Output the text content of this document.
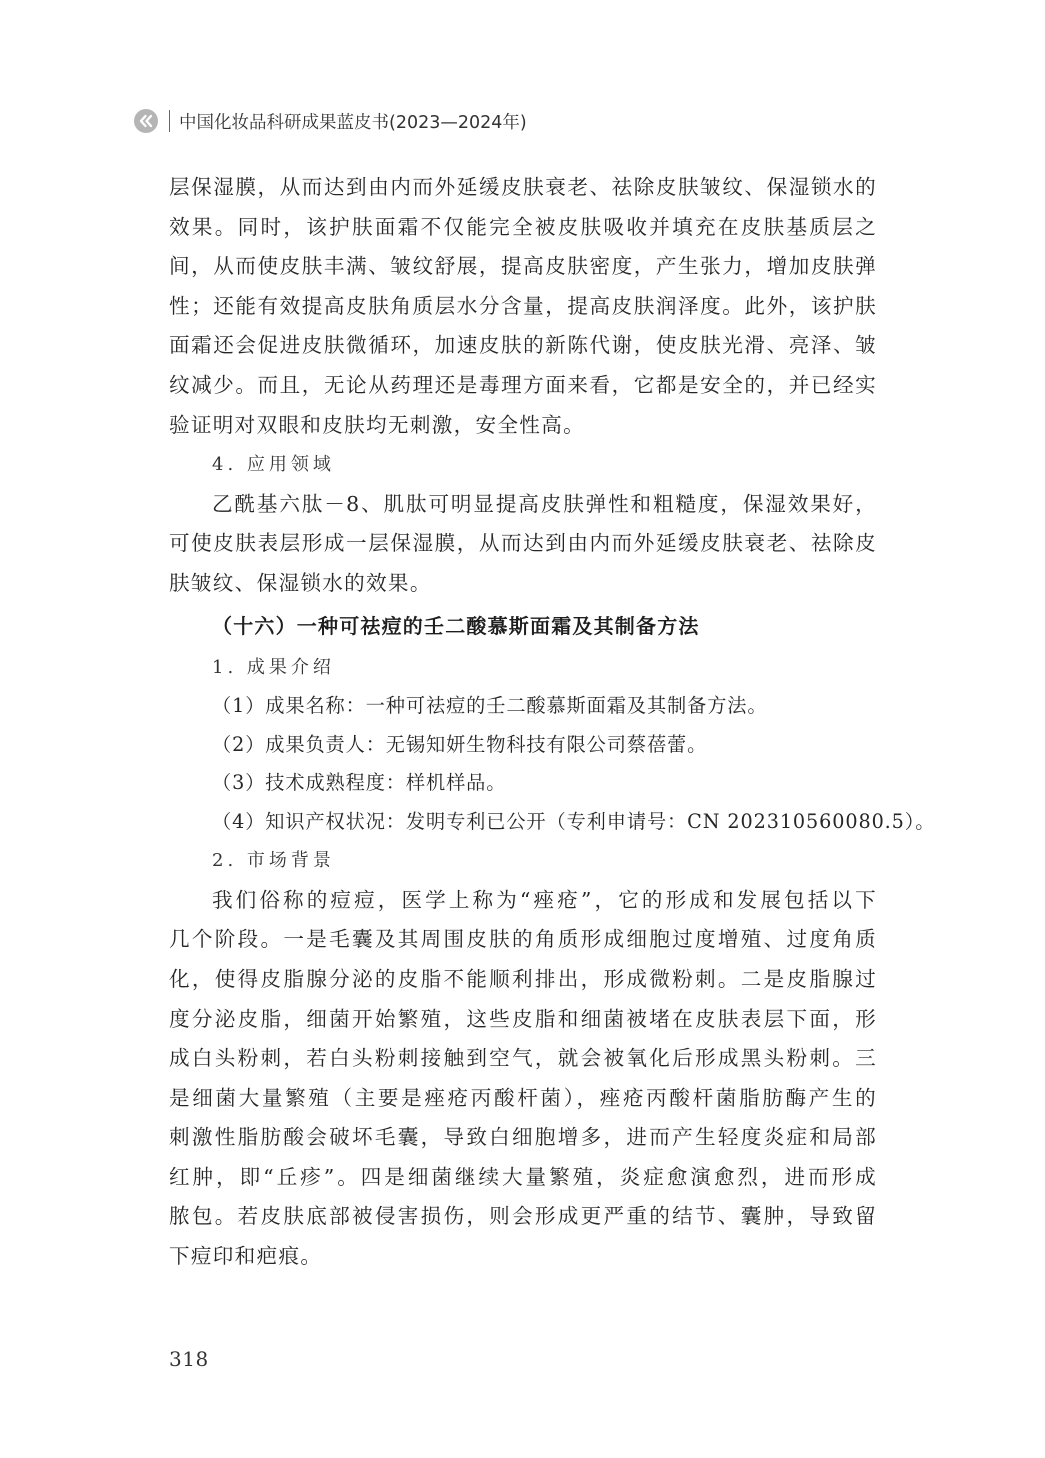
中国化妆品科研成果蓝皮书(2023—2024年)
层保湿膜，从而达到由内而外延缓皮肤衰老、祛除皮肤皱纹、保湿锁水的
效果。同时，该护肤面霜不仅能完全被皮肤吸收并填充在皮肤基质层之
间，从而使皮肤丰满、皱纹舒展，提高皮肤密度，产生张力，增加皮肤弹
性；还能有效提高皮肤角质层水分含量，提高皮肤润泽度。此外，该护肤
面霜还会促进皮肤微循环，加速皮肤的新陈代谢，使皮肤光滑、亮泽、皱
纹减少。而且，无论从药理还是毒理方面来看，它都是安全的，并已经实
验证明对双眼和皮肤均无刺激，安全性高。

4. 应用领域

乙酰基六肽－8、肌肽可明显提高皮肤弹性和粗糙度，保湿效果好，
可使皮肤表层形成一层保湿膜，从而达到由内而外延缓皮肤衰老、祛除皮
肤皱纹、保湿锁水的效果。

（十六）一种可祛痘的壬二酸慕斯面霜及其制备方法

1. 成果介绍

（1）成果名称：一种可祛痘的壬二酸慕斯面霜及其制备方法。

（2）成果负责人：无锡知妍生物科技有限公司蔡蓓蕾。

（3）技术成熟程度：样机样品。

（4）知识产权状况：发明专利已公开（专利申请号：CN 202310560080.5）。

2. 市场背景

我们俗称的痘痘，医学上称为“痤疮”，它的形成和发展包括以下
几个阶段。一是毛囊及其周围皮肤的角质形成细胞过度增殖、过度角质
化，使得皮脂腺分泌的皮脂不能顺利排出，形成微粉刺。二是皮脂腺过
度分泌皮脂，细菌开始繁殖，这些皮脂和细菌被堵在皮肤表层下面，形
成白头粉刺，若白头粉刺接触到空气，就会被氧化后形成黑头粉刺。三
是细菌大量繁殖（主要是痤疮丙酸杆菌），痤疮丙酸杆菌脂肪酶产生的
刺激性脂肪酸会破坏毛囊，导致白细胞增多，进而产生轻度炎症和局部
红肿，即“丘疹”。四是细菌继续大量繁殖，炎症愈演愈烈，进而形成
脓包。若皮肤底部被侵害损伤，则会形成更严重的结节、囊肿，导致留
下痘印和疤痕。
318
